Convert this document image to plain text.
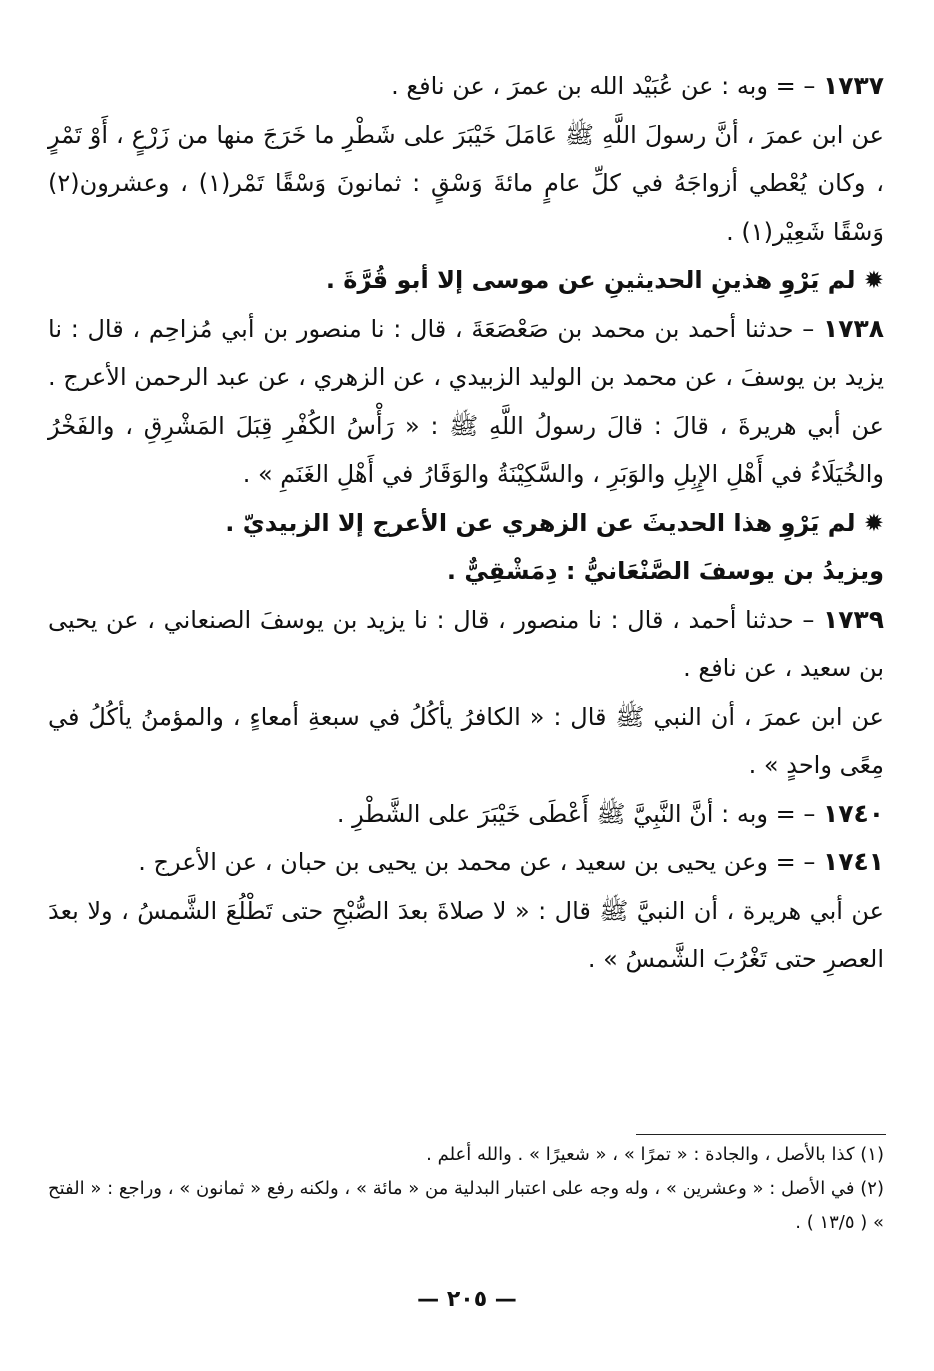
١٧٣٧ – = وبه : عن عُبَيْد الله بن عمرَ ، عن نافع .

عن ابن عمرَ ، أنَّ رسولَ اللَّهِ ﷺ عَامَلَ خَيْبَرَ على شَطْرِ ما خَرَجَ منها من زَرْعٍ ، أَوْ تَمْرٍ ، وكان يُعْطي أزواجَهُ في كلِّ عامٍ مائةَ وَسْقٍ : ثمانونَ وَسْقًا تَمْر(١) ، وعشرون(٢) وَسْقًا شَعِيْر(١) .

✹ لم يَرْوِ هذينِ الحديثينِ عن موسى إلا أبو قُرَّةَ .

١٧٣٨ – حدثنا أحمد بن محمد بن صَعْصَعَةَ ، قال : نا منصور بن أبي مُزاحِم ، قال : نا يزيد بن يوسفَ ، عن محمد بن الوليد الزبيدي ، عن الزهري ، عن عبد الرحمن الأعرج .

عن أبي هريرةَ ، قالَ : قالَ رسولُ اللَّهِ ﷺ : « رَأْسُ الكُفْرِ قِبَلَ المَشْرِقِ ، والفَخْرُ والخُيَلَاءُ في أَهْلِ الإِبِلِ والوَبَرِ ، والسَّكِيْنَةُ والوَقَارُ في أَهْلِ الغَنَمِ » .

✹ لم يَرْوِ هذا الحديثَ عن الزهري عن الأعرج إلا الزبيديّ .

ويزيدُ بن يوسفَ الصَّنْعَانيُّ : دِمَشْقِيٌّ .

١٧٣٩ – حدثنا أحمد ، قال : نا منصور ، قال : نا يزيد بن يوسفَ الصنعاني ، عن يحيى بن سعيد ، عن نافع .

عن ابن عمرَ ، أن النبي ﷺ قال : « الكافرُ يأكُلُ في سبعةِ أمعاءٍ ، والمؤمنُ يأكُلُ في مِعًى واحدٍ » .

١٧٤٠ – = وبه : أنَّ النَّبِيَّ ﷺ أَعْطَى خَيْبَرَ على الشَّطْرِ .

١٧٤١ – = وعن يحيى بن سعيد ، عن محمد بن يحيى بن حبان ، عن الأعرج .

عن أبي هريرة ، أن النبيَّ ﷺ قال : « لا صلاةَ بعدَ الصُّبْحِ حتى تَطْلُعَ الشَّمسُ ، ولا بعدَ العصرِ حتى تَغْرُبَ الشَّمسُ » .

(١) كذا بالأصل ، والجادة : « تمرًا » ، « شعيرًا » . والله أعلم .

(٢) في الأصل : « وعشرين » ، وله وجه على اعتبار البدلية من « مائة » ، ولكنه رفع « ثمانون » ، وراجع : « الفتح » ( ١٣/٥ ) .

— ٢٠٥ —
